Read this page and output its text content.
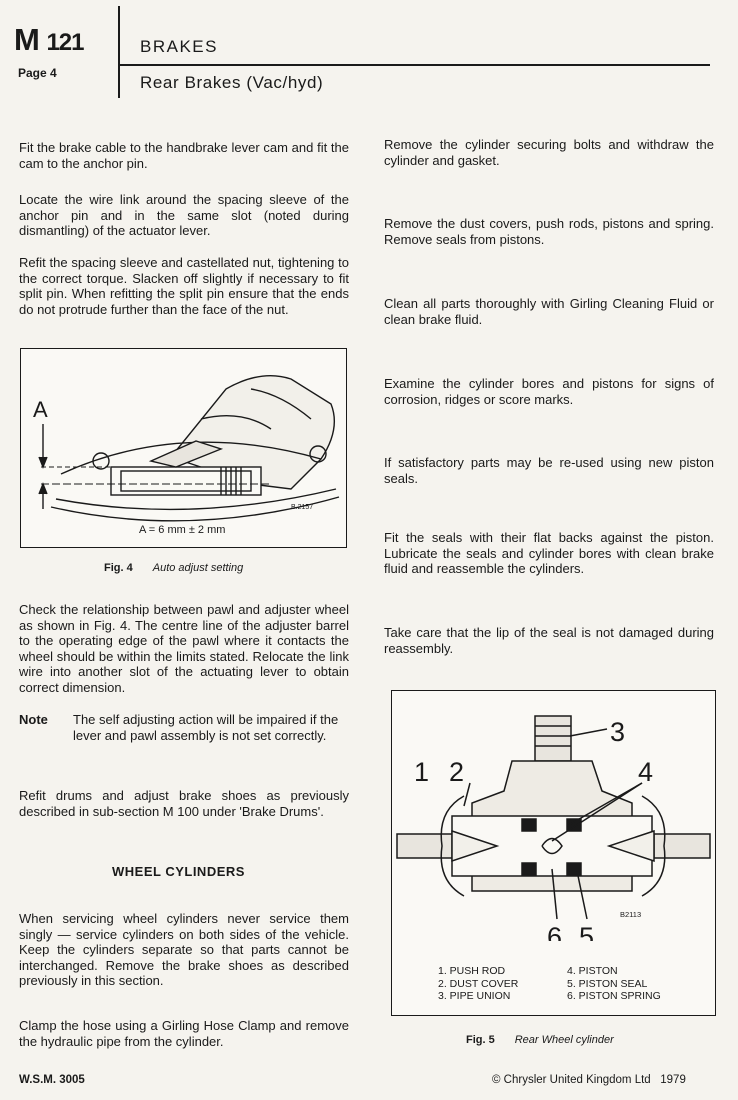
M 121
Page 4
BRAKES
Rear Brakes (Vac/hyd)
Fit the brake cable to the handbrake lever cam and fit the cam to the anchor pin.
Locate the wire link around the spacing sleeve of the anchor pin and in the same slot (noted during dismantling) of the actuator lever.
Refit the spacing sleeve and castellated nut, tightening to the correct torque. Slacken off slightly if necessary to fit split pin. When refitting the split pin ensure that the ends do not protrude further than the face of the nut.
A
B.2157
A = 6 mm ± 2 mm
Fig. 4 Auto adjust setting
Check the relationship between pawl and adjuster wheel as shown in Fig. 4. The centre line of the adjuster barrel to the operating edge of the pawl where it contacts the wheel should be within the limits stated. Relocate the link wire into another slot of the actuating lever to obtain correct dimension.
Note	The self adjusting action will be impaired if the lever and pawl assembly is not set correctly.
Refit drums and adjust brake shoes as previously described in sub-section M 100 under 'Brake Drums'.
WHEEL CYLINDERS
When servicing wheel cylinders never service them singly — service cylinders on both sides of the vehicle. Keep the cylinders separate so that parts cannot be interchanged. Remove the brake shoes as described previously in this section.
Clamp the hose using a Girling Hose Clamp and remove the hydraulic pipe from the cylinder.
Remove the cylinder securing bolts and withdraw the cylinder and gasket.
Remove the dust covers, push rods, pistons and spring. Remove seals from pistons.
Clean all parts thoroughly with Girling Cleaning Fluid or clean brake fluid.
Examine the cylinder bores and pistons for signs of corrosion, ridges or score marks.
If satisfactory parts may be re-used using new piston seals.
Fit the seals with their flat backs against the piston. Lubricate the seals and cylinder bores with clean brake fluid and reassemble the cylinders.
Take care that the lip of the seal is not damaged during reassembly.
3
1 2	4
6 5
B2113
1. PUSH ROD
2. DUST COVER
3. PIPE UNION
4. PISTON
5. PISTON SEAL
6. PISTON SPRING
Fig. 5 Rear Wheel cylinder
W.S.M. 3005	© Chrysler United Kingdom Ltd   1979
